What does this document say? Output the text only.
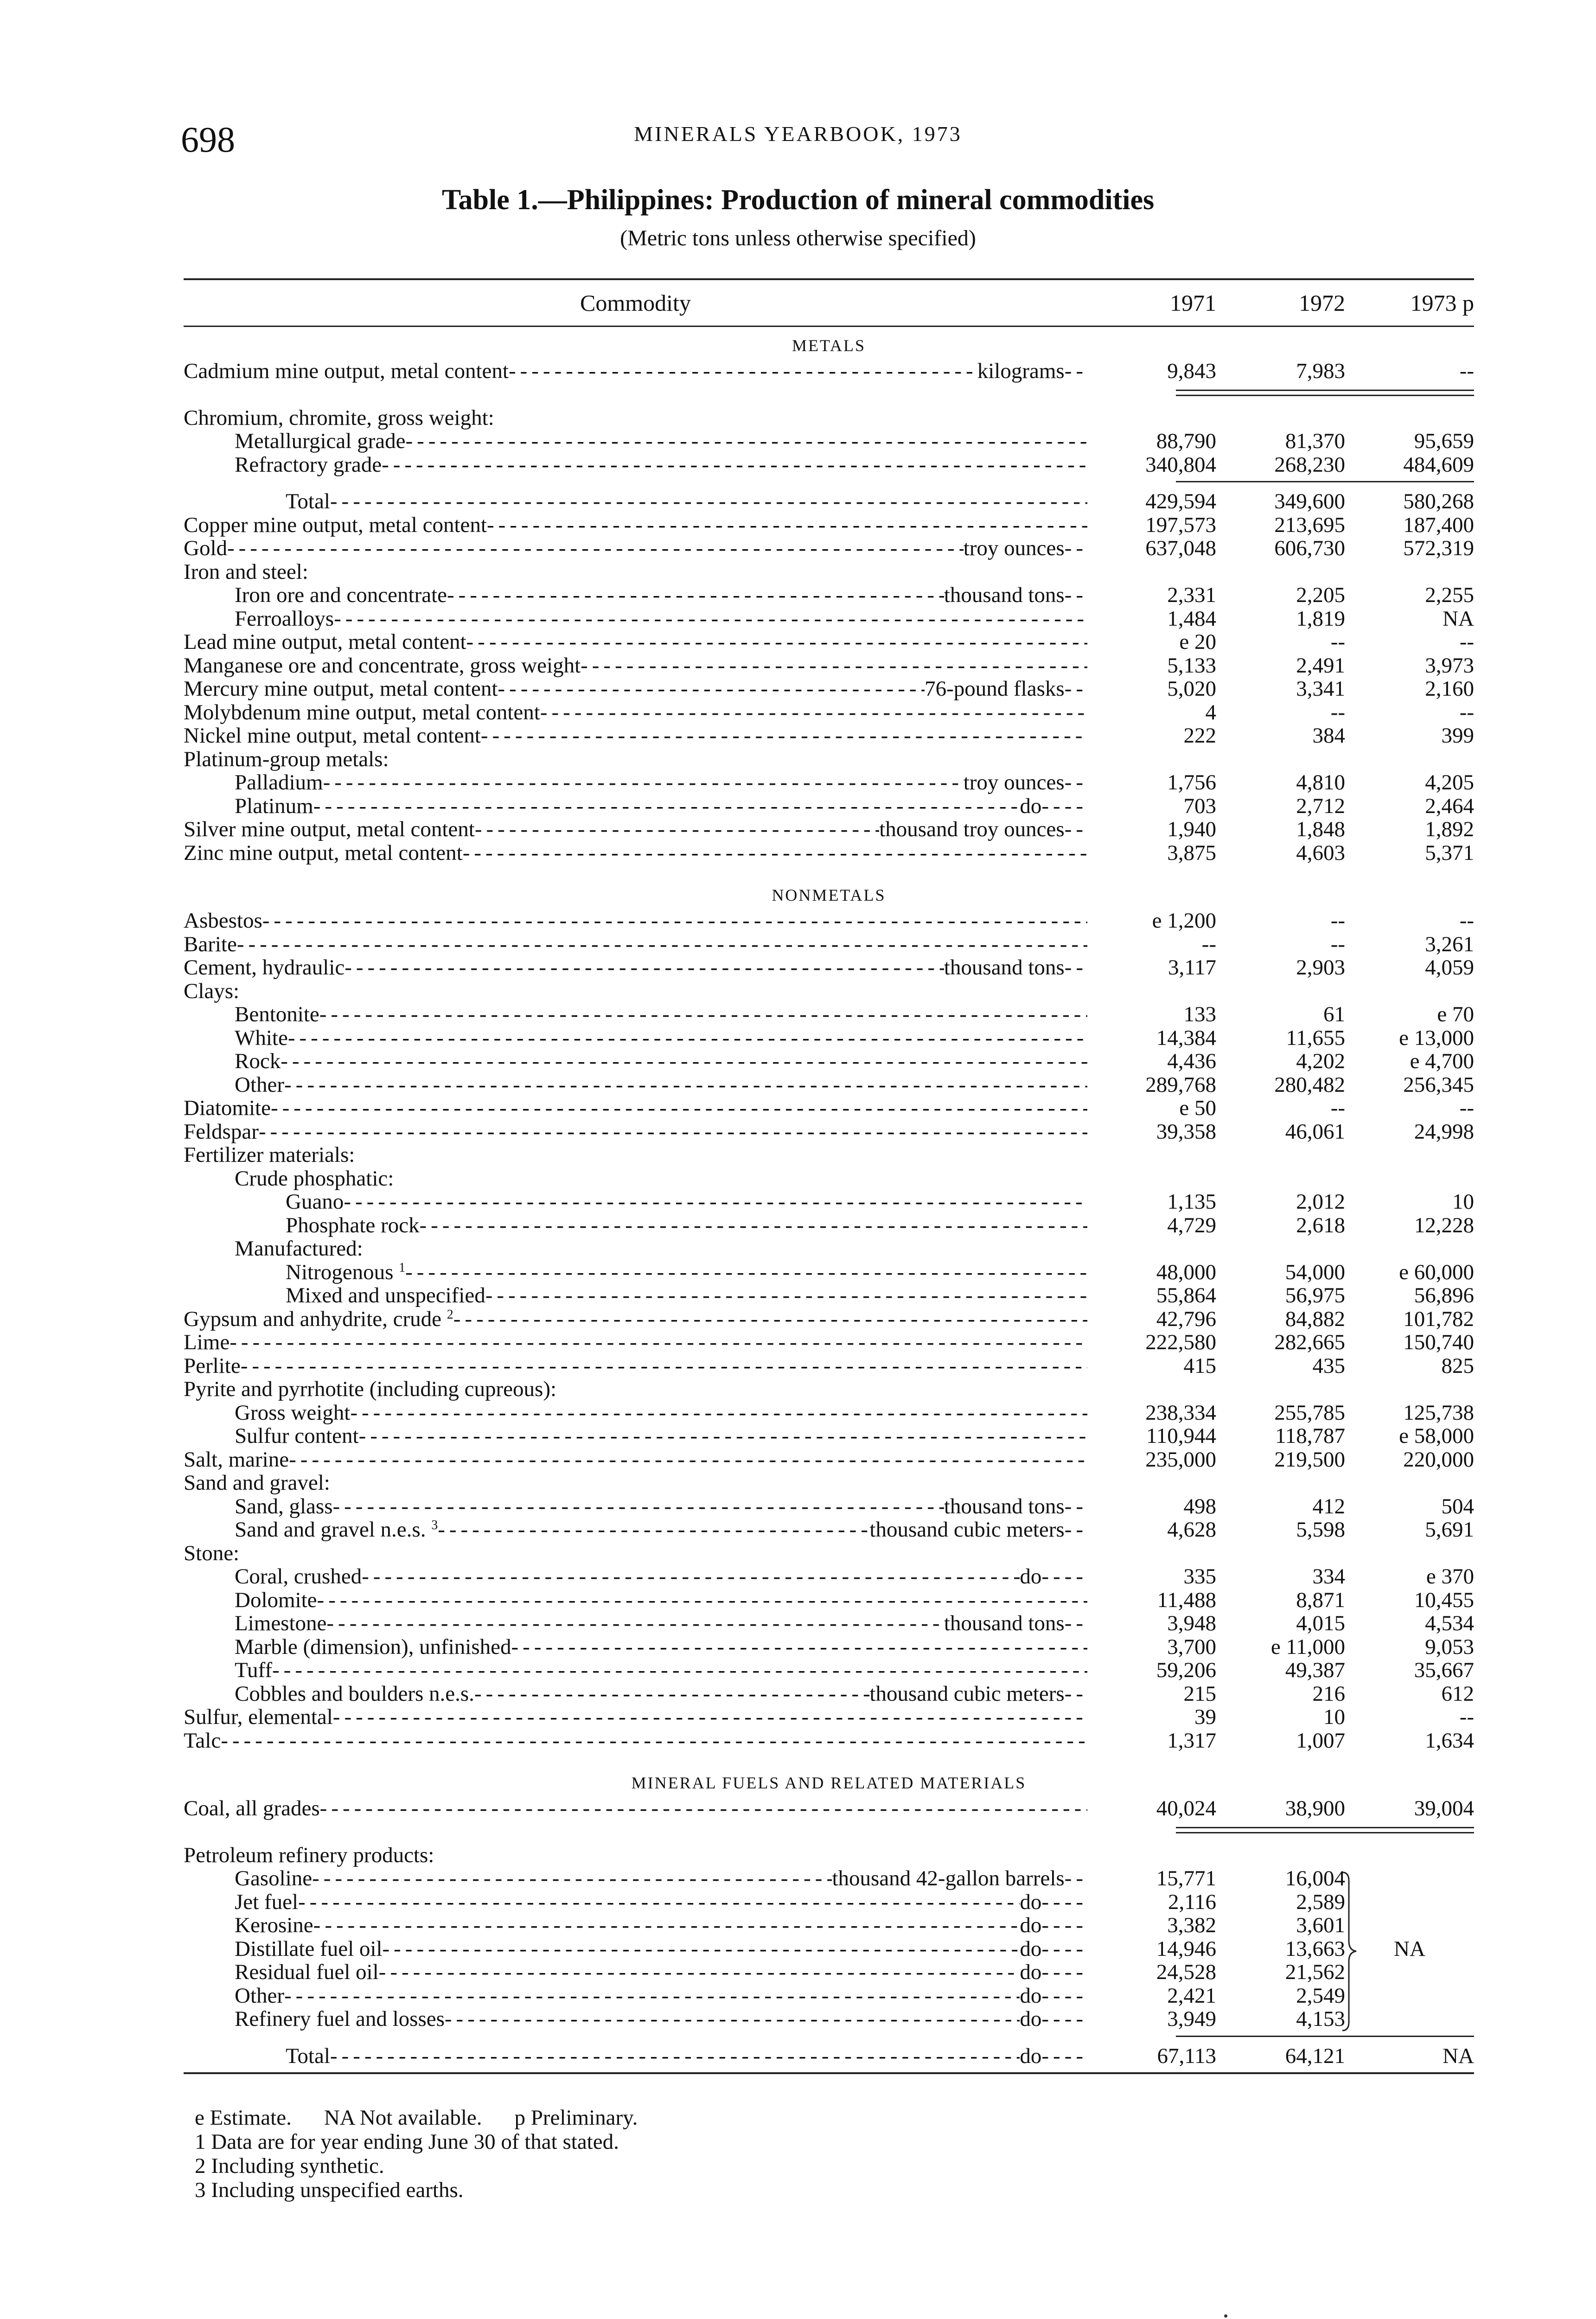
698	MINERALS YEARBOOK, 1973
Table 1.—Philippines: Production of mineral commodities
(Metric tons unless otherwise specified)
Commodity	1971	1972	1973 p
METALS
Cadmium mine output, metal content -----	kilograms --	9,843	7,983	--
Chromium, chromite, gross weight:
Metallurgical grade -----	88,790	81,370	95,659
Refractory grade -----	340,804	268,230	484,609
Total -----	429,594	349,600	580,268
Copper mine output, metal content -----	197,573	213,695	187,400
Gold -----	troy ounces --	637,048	606,730	572,319
Iron and steel:
Iron ore and concentrate -----	thousand tons --	2,331	2,205	2,255
Ferroalloys -----	1,484	1,819	NA
Lead mine output, metal content -----	e 20	--	--
Manganese ore and concentrate, gross weight -----	5,133	2,491	3,973
Mercury mine output, metal content -----	76-pound flasks --	5,020	3,341	2,160
Molybdenum mine output, metal content -----	4	--	--
Nickel mine output, metal content -----	222	384	399
Platinum-group metals:
Palladium -----	troy ounces --	1,756	4,810	4,205
Platinum -----	do ----	703	2,712	2,464
Silver mine output, metal content -----	thousand troy ounces --	1,940	1,848	1,892
Zinc mine output, metal content -----	3,875	4,603	5,371
NONMETALS
Asbestos -----	e 1,200	--	--
Barite -----	--	--	3,261
Cement, hydraulic -----	thousand tons --	3,117	2,903	4,059
Clays:
Bentonite -----	133	61	e 70
White -----	14,384	11,655	e 13,000
Rock -----	4,436	4,202	e 4,700
Other -----	289,768	280,482	256,345
Diatomite -----	e 50	--	--
Feldspar -----	39,358	46,061	24,998
Fertilizer materials:
Crude phosphatic:
Guano -----	1,135	2,012	10
Phosphate rock -----	4,729	2,618	12,228
Manufactured:
Nitrogenous $^1$ -----	48,000	54,000	e 60,000
Mixed and unspecified -----	55,864	56,975	56,896
Gypsum and anhydrite, crude $^2$ -----	42,796	84,882	101,782
Lime -----	222,580	282,665	150,740
Perlite -----	415	435	825
Pyrite and pyrrhotite (including cupreous):
Gross weight -----	238,334	255,785	125,738
Sulfur content -----	110,944	118,787	e 58,000
Salt, marine -----	235,000	219,500	220,000
Sand and gravel:
Sand, glass -----	thousand tons --	498	412	504
Sand and gravel n.e.s. $^3$ -----	thousand cubic meters --	4,628	5,598	5,691
Stone:
Coral, crushed -----	do ----	335	334	e 370
Dolomite -----	11,488	8,871	10,455
Limestone -----	thousand tons --	3,948	4,015	4,534
Marble (dimension), unfinished -----	3,700	e 11,000	9,053
Tuff -----	59,206	49,387	35,667
Cobbles and boulders n.e.s. -----	thousand cubic meters --	215	216	612
Sulfur, elemental -----	39	10	--
Talc -----	1,317	1,007	1,634
MINERAL FUELS AND RELATED MATERIALS
Coal, all grades -----	40,024	38,900	39,004
Petroleum refinery products:
Gasoline -----	thousand 42-gallon barrels --	15,771	16,004
Jet fuel -----	do ----	2,116	2,589
Kerosine -----	do ----	3,382	3,601
Distillate fuel oil -----	do ----	14,946	13,663	NA
Residual fuel oil -----	do ----	24,528	21,562
Other -----	do ----	2,421	2,549
Refinery fuel and losses -----	do ----	3,949	4,153
Total -----	do ----	67,113	64,121	NA
e Estimate. NA Not available. p Preliminary.
1 Data are for year ending June 30 of that stated.
2 Including synthetic.
3 Including unspecified earths.
